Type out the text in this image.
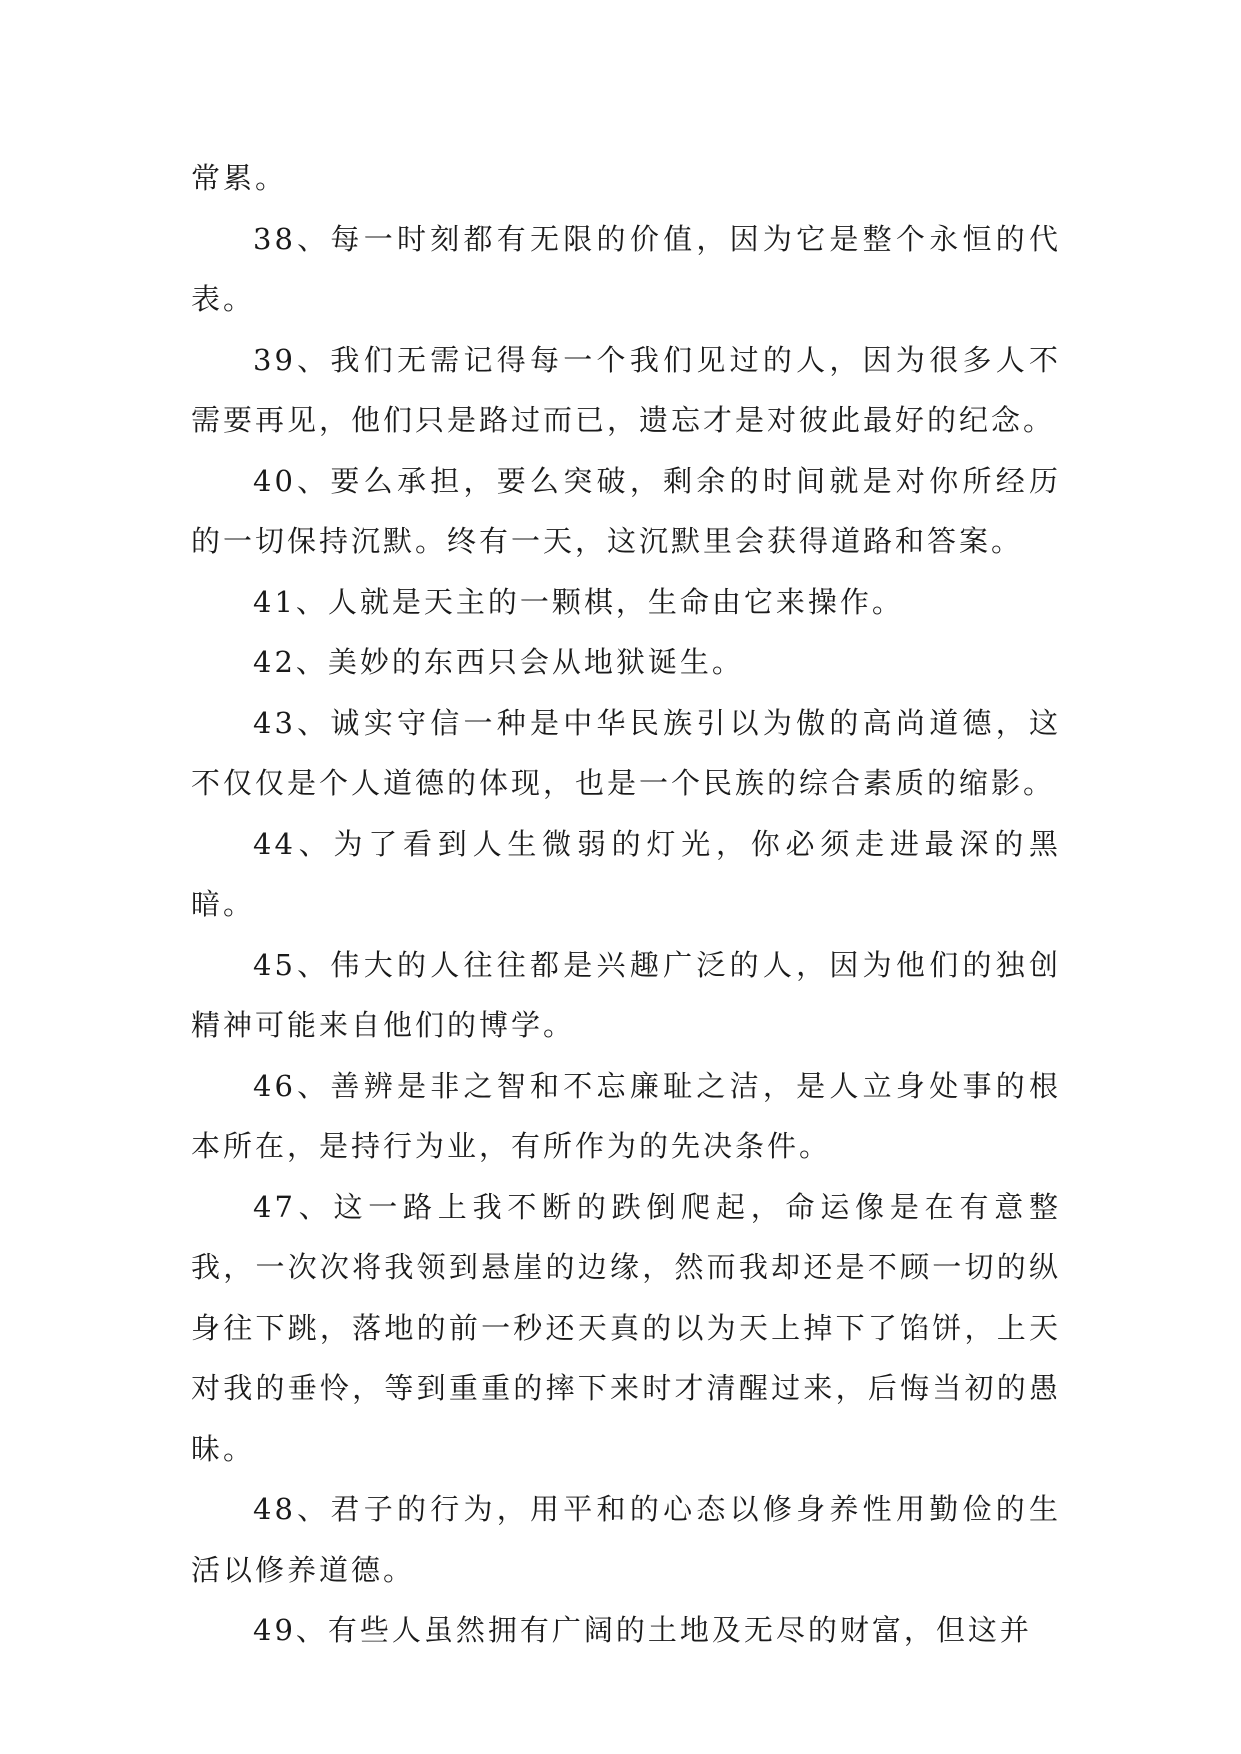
常累。

38、每一时刻都有无限的价值，因为它是整个永恒的代表。

39、我们无需记得每一个我们见过的人，因为很多人不需要再见，他们只是路过而已，遗忘才是对彼此最好的纪念。

40、要么承担，要么突破，剩余的时间就是对你所经历的一切保持沉默。终有一天，这沉默里会获得道路和答案。

41、人就是天主的一颗棋，生命由它来操作。

42、美妙的东西只会从地狱诞生。

43、诚实守信一种是中华民族引以为傲的高尚道德，这不仅仅是个人道德的体现，也是一个民族的综合素质的缩影。

44、为了看到人生微弱的灯光，你必须走进最深的黑暗。

45、伟大的人往往都是兴趣广泛的人，因为他们的独创精神可能来自他们的博学。

46、善辨是非之智和不忘廉耻之洁，是人立身处事的根本所在，是持行为业，有所作为的先决条件。

47、这一路上我不断的跌倒爬起，命运像是在有意整我，一次次将我领到悬崖的边缘，然而我却还是不顾一切的纵身往下跳，落地的前一秒还天真的以为天上掉下了馅饼，上天对我的垂怜，等到重重的摔下来时才清醒过来，后悔当初的愚昧。

48、君子的行为，用平和的心态以修身养性用勤俭的生活以修养道德。

49、有些人虽然拥有广阔的土地及无尽的财富，但这并
